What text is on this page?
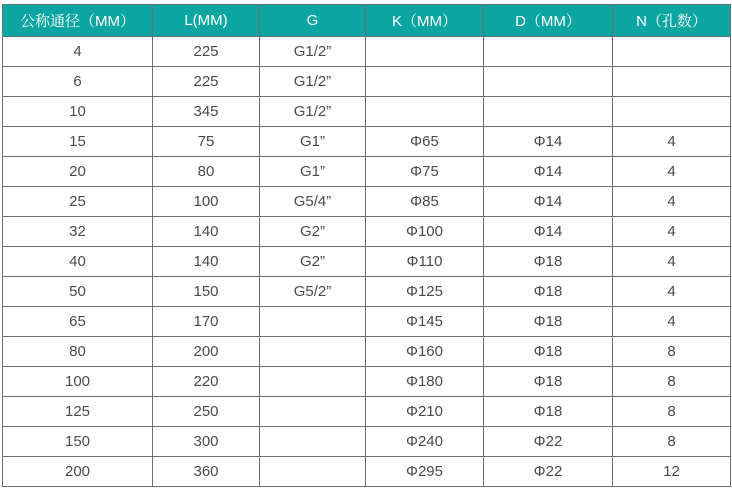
公称通径（MM）	L(MM)	G	K（MM）	D（MM）	N（孔数）
4	225	G1/2”			
6	225	G1/2”			
10	345	G1/2”			
15	75	G1”	Φ65	Φ14	4
20	80	G1”	Φ75	Φ14	4
25	100	G5/4”	Φ85	Φ14	4
32	140	G2”	Φ100	Φ14	4
40	140	G2”	Φ110	Φ18	4
50	150	G5/2”	Φ125	Φ18	4
65	170		Φ145	Φ18	4
80	200		Φ160	Φ18	8
100	220		Φ180	Φ18	8
125	250		Φ210	Φ18	8
150	300		Φ240	Φ22	8
200	360		Φ295	Φ22	12
